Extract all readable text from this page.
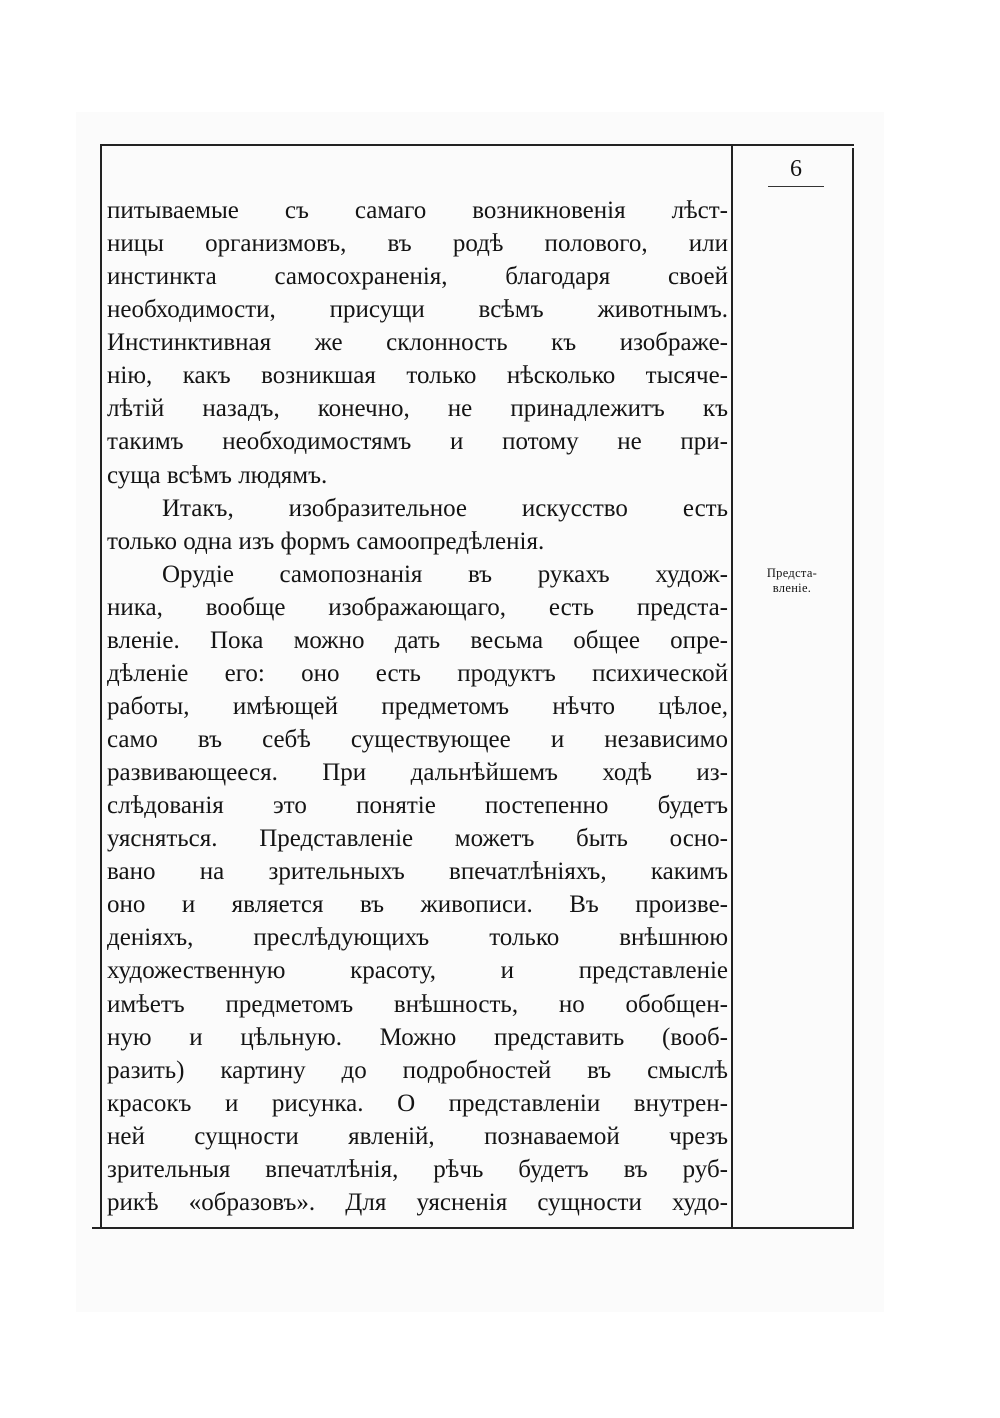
6
Предста-
вленіе.
питываемые съ самаго возникновенія лѣст-
ницы организмовъ, въ родѣ полового, или
инстинкта самосохраненія, благодаря своей
необходимости, присущи всѣмъ животнымъ.
Инстинктивная же склонность къ изображе-
нію, какъ возникшая только нѣсколько тысяче-
лѣтій назадъ, конечно, не принадлежитъ къ
такимъ необходимостямъ и потому не при-
суща всѣмъ людямъ.
Итакъ, изобразительное искусство есть
только одна изъ формъ самоопредѣленія.
Орудіе самопознанія въ рукахъ худож-
ника, вообще изображающаго, есть предста-
вленіе. Пока можно дать весьма общее опре-
дѣленіе его: оно есть продуктъ психической
работы, имѣющей предметомъ нѣчто цѣлое,
само въ себѣ существующее и независимо
развивающееся. При дальнѣйшемъ ходѣ из-
слѣдованія это понятіе постепенно будетъ
уясняться. Представленіе можетъ быть осно-
вано на зрительныхъ впечатлѣніяхъ, какимъ
оно и является въ живописи. Въ произве-
деніяхъ, преслѣдующихъ только внѣшнюю
художественную красоту, и представленіе
имѣетъ предметомъ внѣшность, но обобщен-
ную и цѣльную. Можно представить (вооб-
разить) картину до подробностей въ смыслѣ
красокъ и рисунка. О представленіи внутрен-
ней сущности явленій, познаваемой чрезъ
зрительныя впечатлѣнія, рѣчь будетъ въ руб-
рикѣ «образовъ». Для уясненія сущности худо-
